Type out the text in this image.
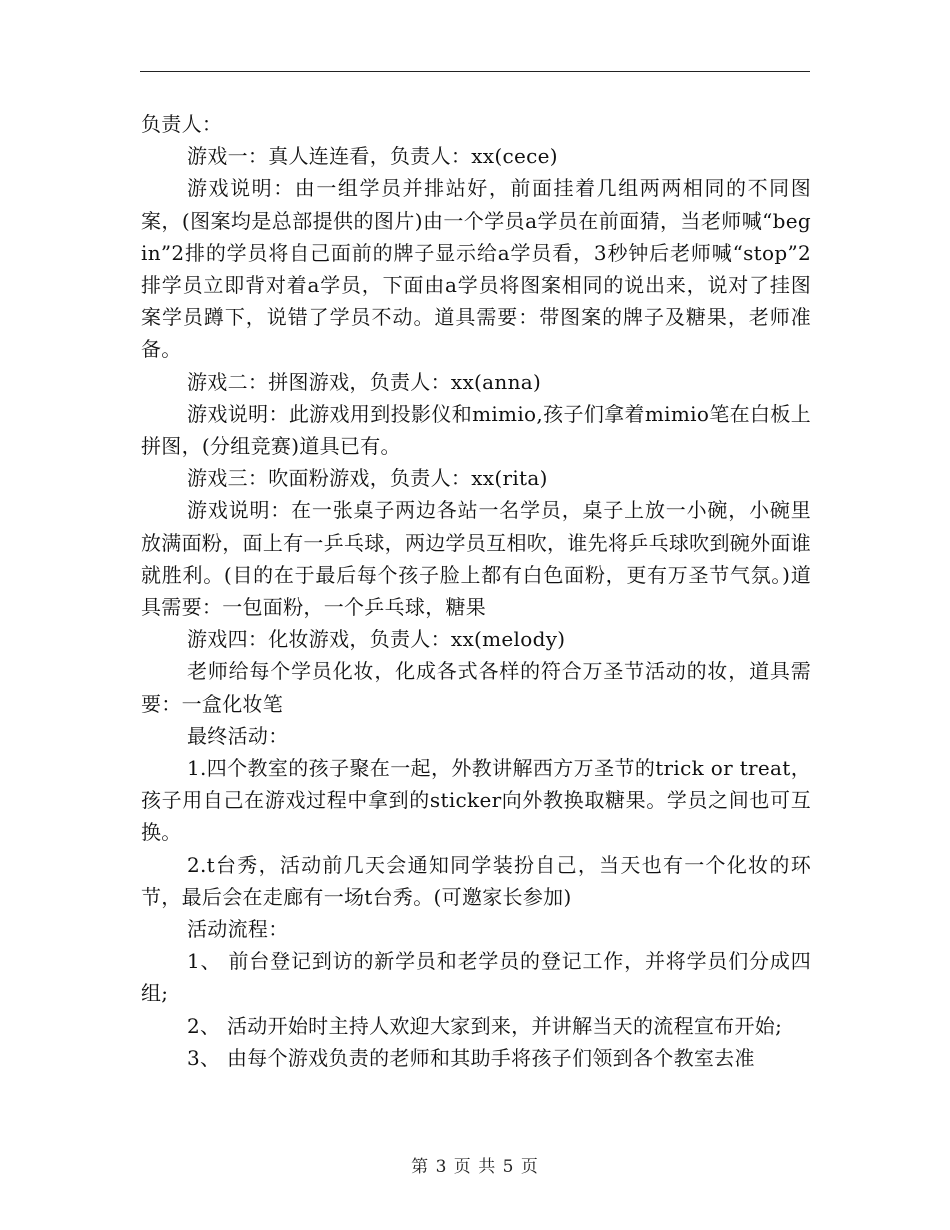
负责人：

游戏一：真人连连看，负责人：xx(cece)

游戏说明：由一组学员并排站好，前面挂着几组两两相同的不同图案，(图案均是总部提供的图片)由一个学员a学员在前面猜，当老师喊“begin”2排的学员将自己面前的牌子显示给a学员看，3秒钟后老师喊“stop”2排学员立即背对着a学员，下面由a学员将图案相同的说出来，说对了挂图案学员蹲下，说错了学员不动。道具需要：带图案的牌子及糖果，老师准备。

游戏二：拼图游戏，负责人：xx(anna)

游戏说明：此游戏用到投影仪和mimio,孩子们拿着mimio笔在白板上拼图，(分组竞赛)道具已有。

游戏三：吹面粉游戏，负责人：xx(rita)

游戏说明：在一张桌子两边各站一名学员，桌子上放一小碗，小碗里放满面粉，面上有一乒乓球，两边学员互相吹，谁先将乒乓球吹到碗外面谁就胜利。(目的在于最后每个孩子脸上都有白色面粉，更有万圣节气氛。)道具需要：一包面粉，一个乒乓球，糖果

游戏四：化妆游戏，负责人：xx(melody)

老师给每个学员化妆，化成各式各样的符合万圣节活动的妆，道具需要：一盒化妆笔

最终活动：

1.四个教室的孩子聚在一起，外教讲解西方万圣节的trick or treat，孩子用自己在游戏过程中拿到的sticker向外教换取糖果。学员之间也可互换。

2.t台秀，活动前几天会通知同学装扮自己，当天也有一个化妆的环节，最后会在走廊有一场t台秀。(可邀家长参加)

活动流程：

1、 前台登记到访的新学员和老学员的登记工作，并将学员们分成四组;

2、 活动开始时主持人欢迎大家到来，并讲解当天的流程宣布开始;

3、 由每个游戏负责的老师和其助手将孩子们领到各个教室去准

第 3 页 共 5 页
